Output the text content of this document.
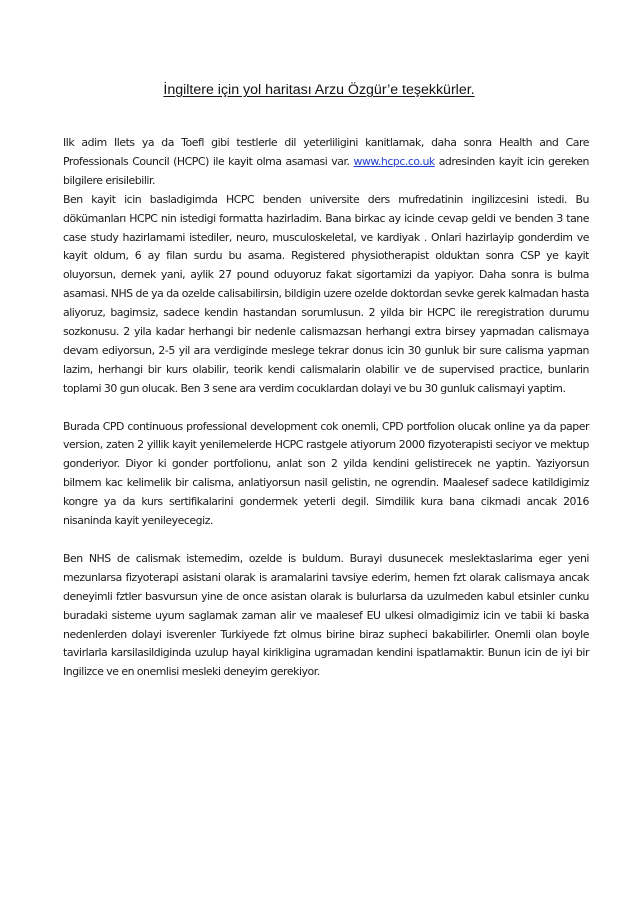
İngiltere için yol haritası Arzu Özgür’e teşekkürler.

Ilk adim Ilets ya da Toefl gibi testlerle dil yeterliligini kanitlamak, daha sonra Health and Care Professionals Council (HCPC) ile kayit olma asamasi var. www.hcpc.co.uk adresinden kayit icin gereken bilgilere erisilebilir.

Ben kayit icin basladigimda HCPC benden universite ders mufredatinin ingilizcesini istedi. Bu dökümanları HCPC nin istedigi formatta hazirladim. Bana birkac ay icinde cevap geldi ve benden 3 tane case study hazirlamami istediler, neuro, musculoskeletal, ve kardiyak . Onlari hazirlayip gonderdim ve kayit oldum, 6 ay filan surdu bu asama. Registered physiotherapist olduktan sonra CSP ye kayit oluyorsun, dernek yani, aylik 27 pound oduyoruz fakat sigortamizi da yapiyor. Daha sonra is bulma asamasi. NHS de ya da ozelde calisabilirsin, bildigin uzere ozelde doktordan sevke gerek kalmadan hasta aliyoruz, bagimsiz, sadece kendin hastandan sorumlusun. 2 yilda bir HCPC ile reregistration durumu sozkonusu. 2 yila kadar herhangi bir nedenle calismazsan herhangi extra birsey yapmadan calismaya devam ediyorsun, 2-5 yil ara verdiginde meslege tekrar donus icin 30 gunluk bir sure calisma yapman lazim, herhangi bir kurs olabilir, teorik kendi calismalarin olabilir ve de supervised practice, bunlarin toplami 30 gun olucak. Ben 3 sene ara verdim cocuklardan dolayi ve bu 30 gunluk calismayi yaptim.

Burada CPD continuous professional development cok onemli, CPD portfolion olucak online ya da paper version, zaten 2 yillik kayit yenilemelerde HCPC rastgele atiyorum 2000 fizyoterapisti seciyor ve mektup gonderiyor. Diyor ki gonder portfolionu, anlat son 2 yilda kendini gelistirecek ne yaptin. Yaziyorsun bilmem kac kelimelik bir calisma, anlatiyorsun nasil gelistin, ne ogrendin. Maalesef sadece katildigimiz kongre ya da kurs sertifikalarini gondermek yeterli degil. Simdilik kura bana cikmadi ancak 2016 nisaninda kayit yenileyecegiz.

Ben NHS de calismak istemedim, ozelde is buldum. Burayi dusunecek meslektaslarima eger yeni mezunlarsa fizyoterapi asistani olarak is aramalarini tavsiye ederim, hemen fzt olarak calismaya ancak deneyimli fztler basvursun yine de once asistan olarak is bulurlarsa da uzulmeden kabul etsinler cunku buradaki sisteme uyum saglamak zaman alir ve maalesef EU ulkesi olmadigimiz icin ve tabii ki baska nedenlerden dolayi isverenler Turkiyede fzt olmus birine biraz supheci bakabilirler. Onemli olan boyle tavirlarla karsilasildiginda uzulup hayal kirikligina ugramadan kendini ispatlamaktir. Bunun icin de iyi bir Ingilizce ve en onemlisi mesleki deneyim gerekiyor.
